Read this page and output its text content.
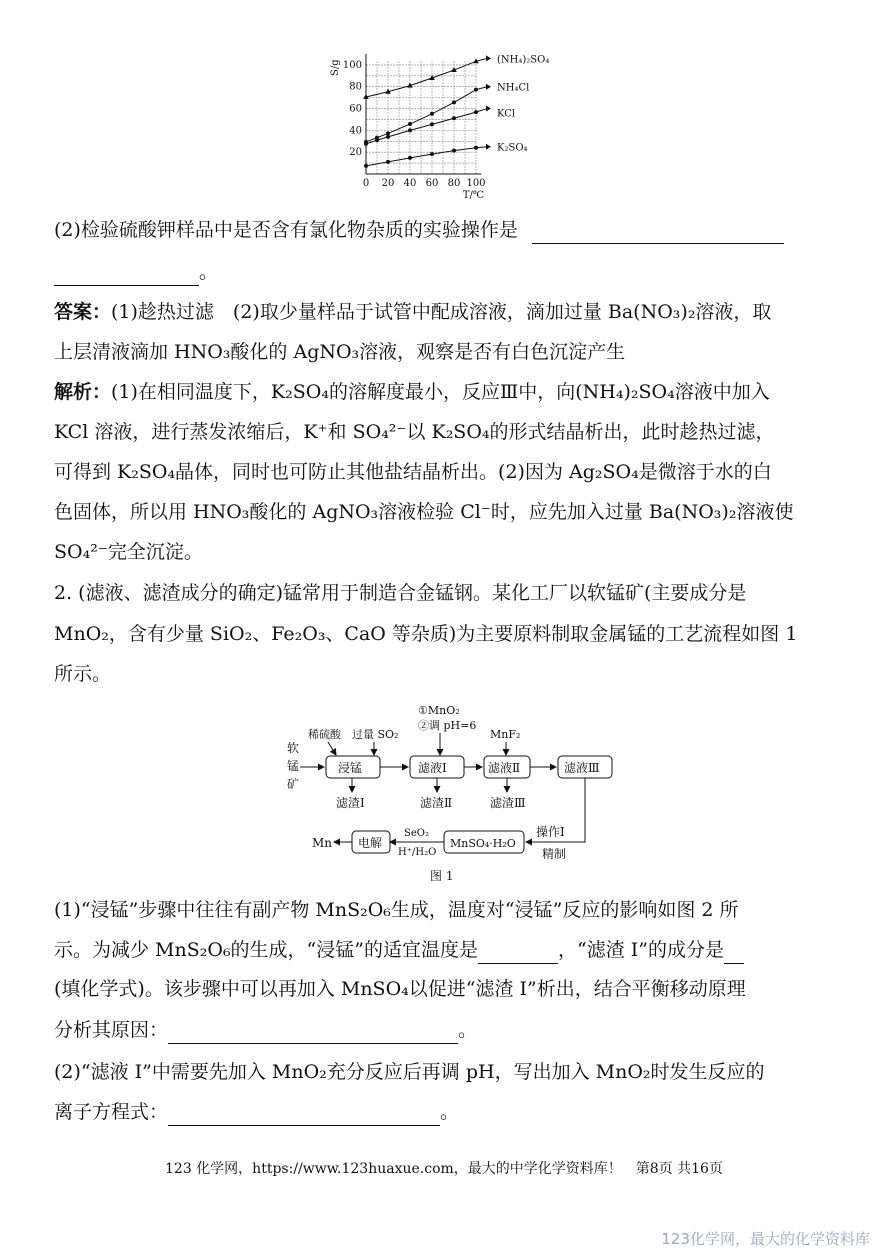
(NH₄)₂SO₄
NH₄Cl
KCl
K₂SO₄
0 20 40 60 80 100
20
40
60
80
100
S/g
T/℃
(2)检验硫酸钾样品中是否含有氯化物杂质的实验操作是
。
答案：(1)趁热过滤　(2)取少量样品于试管中配成溶液，滴加过量 Ba(NO₃)₂溶液，取
上层清液滴加 HNO₃酸化的 AgNO₃溶液，观察是否有白色沉淀产生
解析：(1)在相同温度下，K₂SO₄的溶解度最小，反应Ⅲ中，向(NH₄)₂SO₄溶液中加入
KCl 溶液，进行蒸发浓缩后，K⁺和 SO₄²⁻以 K₂SO₄的形式结晶析出，此时趁热过滤，
可得到 K₂SO₄晶体，同时也可防止其他盐结晶析出。(2)因为 Ag₂SO₄是微溶于水的白
色固体，所以用 HNO₃酸化的 AgNO₃溶液检验 Cl⁻时，应先加入过量 Ba(NO₃)₂溶液使
SO₄²⁻完全沉淀。
2. (滤液、滤渣成分的确定)锰常用于制造合金锰钢。某化工厂以软锰矿(主要成分是
MnO₂，含有少量 SiO₂、Fe₂O₃、CaO 等杂质)为主要原料制取金属锰的工艺流程如图 1
所示。
软
锰
矿
稀硫酸 过量 SO₂
①MnO₂
②调 pH=6
MnF₂
浸锰	滤液Ⅰ	滤液Ⅱ	滤液Ⅲ
滤渣Ⅰ	滤渣Ⅱ	滤渣Ⅲ
操作Ⅰ
精制
MnSO₄·H₂O
SeO₂
H⁺/H₂O
电解
Mn
图 1
(1)“浸锰”步骤中往往有副产物 MnS₂O₆生成，温度对“浸锰”反应的影响如图 2 所
示。为减少 MnS₂O₆的生成，“浸锰”的适宜温度是	，“滤渣 I”的成分是
(填化学式)。该步骤中可以再加入 MnSO₄以促进“滤渣 I”析出，结合平衡移动原理
分析其原因：	。
(2)“滤液 I”中需要先加入 MnO₂充分反应后再调 pH，写出加入 MnO₂时发生反应的
离子方程式：	。
123 化学网，https://www.123huaxue.com，最大的中学化学资料库！　第8页 共16页
123化学网，最大的化学资料库
